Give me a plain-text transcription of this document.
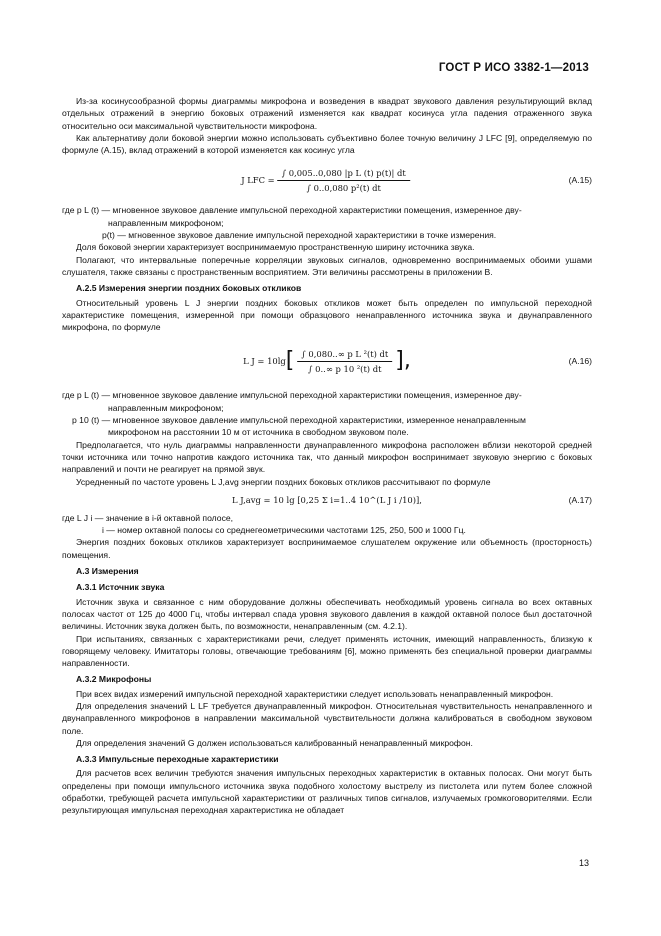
ГОСТ Р ИСО 3382-1—2013

Из-за косинусообразной формы диаграммы микрофона и возведения в квадрат звукового давления результирующий вклад отдельных отражений в энергию боковых отражений изменяется как квадрат косинуса угла падения отраженного звука относительно оси максимальной чувствительности микрофона.

Как альтернативу доли боковой энергии можно использовать субъективно более точную величину J LFC [9], определяемую по формуле (А.15), вклад отражений в которой изменяется как косинус угла

J LFC = $\frac{\text{∫ 0,005..0,080 |p L (t) p(t)| dt}}{\text{∫ 0..0,080 p²(t) dt}}$	(А.15)

где p L (t) — мгновенное звуковое давление импульсной переходной характеристики помещения, измеренное дву-

направленным микрофоном;

p(t) — мгновенное звуковое давление импульсной переходной характеристики в точке измерения.

Доля боковой энергии характеризует воспринимаемую пространственную ширину источника звука.

Полагают, что интервальные поперечные корреляции звуковых сигналов, одновременно воспринимаемых обоими ушами слушателя, также связаны с пространственным восприятием. Эти величины рассмотрены в приложении В.

А.2.5 Измерения энергии поздних боковых откликов

Относительный уровень L J энергии поздних боковых откликов может быть определен по импульсной переходной характеристике помещения, измеренной при помощи образцового ненаправленного источника звука и двунаправленного микрофона, по формуле

L J = 10lg [ $\frac{\text{∫ 0,080..∞ p L ²(t) dt}}{\text{∫ 0..∞ p 10 ²(t) dt}}$ ],	(А.16)

где p L (t) — мгновенное звуковое давление импульсной переходной характеристики помещения, измеренное дву-

направленным микрофоном;

p 10 (t) — мгновенное звуковое давление импульсной переходной характеристики, измеренное ненаправленным

микрофоном на расстоянии 10 м от источника в свободном звуковом поле.

Предполагается, что нуль диаграммы направленности двунаправленного микрофона расположен вблизи некоторой средней точки источника или точно напротив каждого источника так, что данный микрофон воспринимает звуковую энергию с боковых направлений и почти не реагирует на прямой звук.

Усредненный по частоте уровень L J,avg энергии поздних боковых откликов рассчитывают по формуле

L J,avg = 10 lg [0,25 Σ i=1..4 10^(L J i /10)],	(А.17)

где L J i — значение в i-й октавной полосе,

i — номер октавной полосы со среднегеометрическими частотами 125, 250, 500 и 1000 Гц.

Энергия поздних боковых откликов характеризует воспринимаемое слушателем окружение или объемность (просторность) помещения.

А.3 Измерения
А.3.1 Источник звука

Источник звука и связанное с ним оборудование должны обеспечивать необходимый уровень сигнала во всех октавных полосах частот от 125 до 4000 Гц, чтобы интервал спада уровня звукового давления в каждой октавной полосе был достаточной величины. Источник звука должен быть, по возможности, ненаправленным (см. 4.2.1).

При испытаниях, связанных с характеристиками речи, следует применять источник, имеющий направленность, близкую к говорящему человеку. Имитаторы головы, отвечающие требованиям [6], можно применять без специальной проверки диаграммы направленности.

А.3.2 Микрофоны

При всех видах измерений импульсной переходной характеристики следует использовать ненаправленный микрофон.

Для определения значений L LF требуется двунаправленный микрофон. Относительная чувствительность ненаправленного и двунаправленного микрофонов в направлении максимальной чувствительности должна калиброваться в свободном звуковом поле.

Для определения значений G должен использоваться калиброванный ненаправленный микрофон.

А.3.3 Импульсные переходные характеристики

Для расчетов всех величин требуются значения импульсных переходных характеристик в октавных полосах. Они могут быть определены при помощи импульсного источника звука подобного холостому выстрелу из пистолета или путем более сложной обработки, требующей расчета импульсной характеристики от различных типов сигналов, излучаемых громкоговорителями. Если результирующая импульсная переходная характеристика не обладает

13
